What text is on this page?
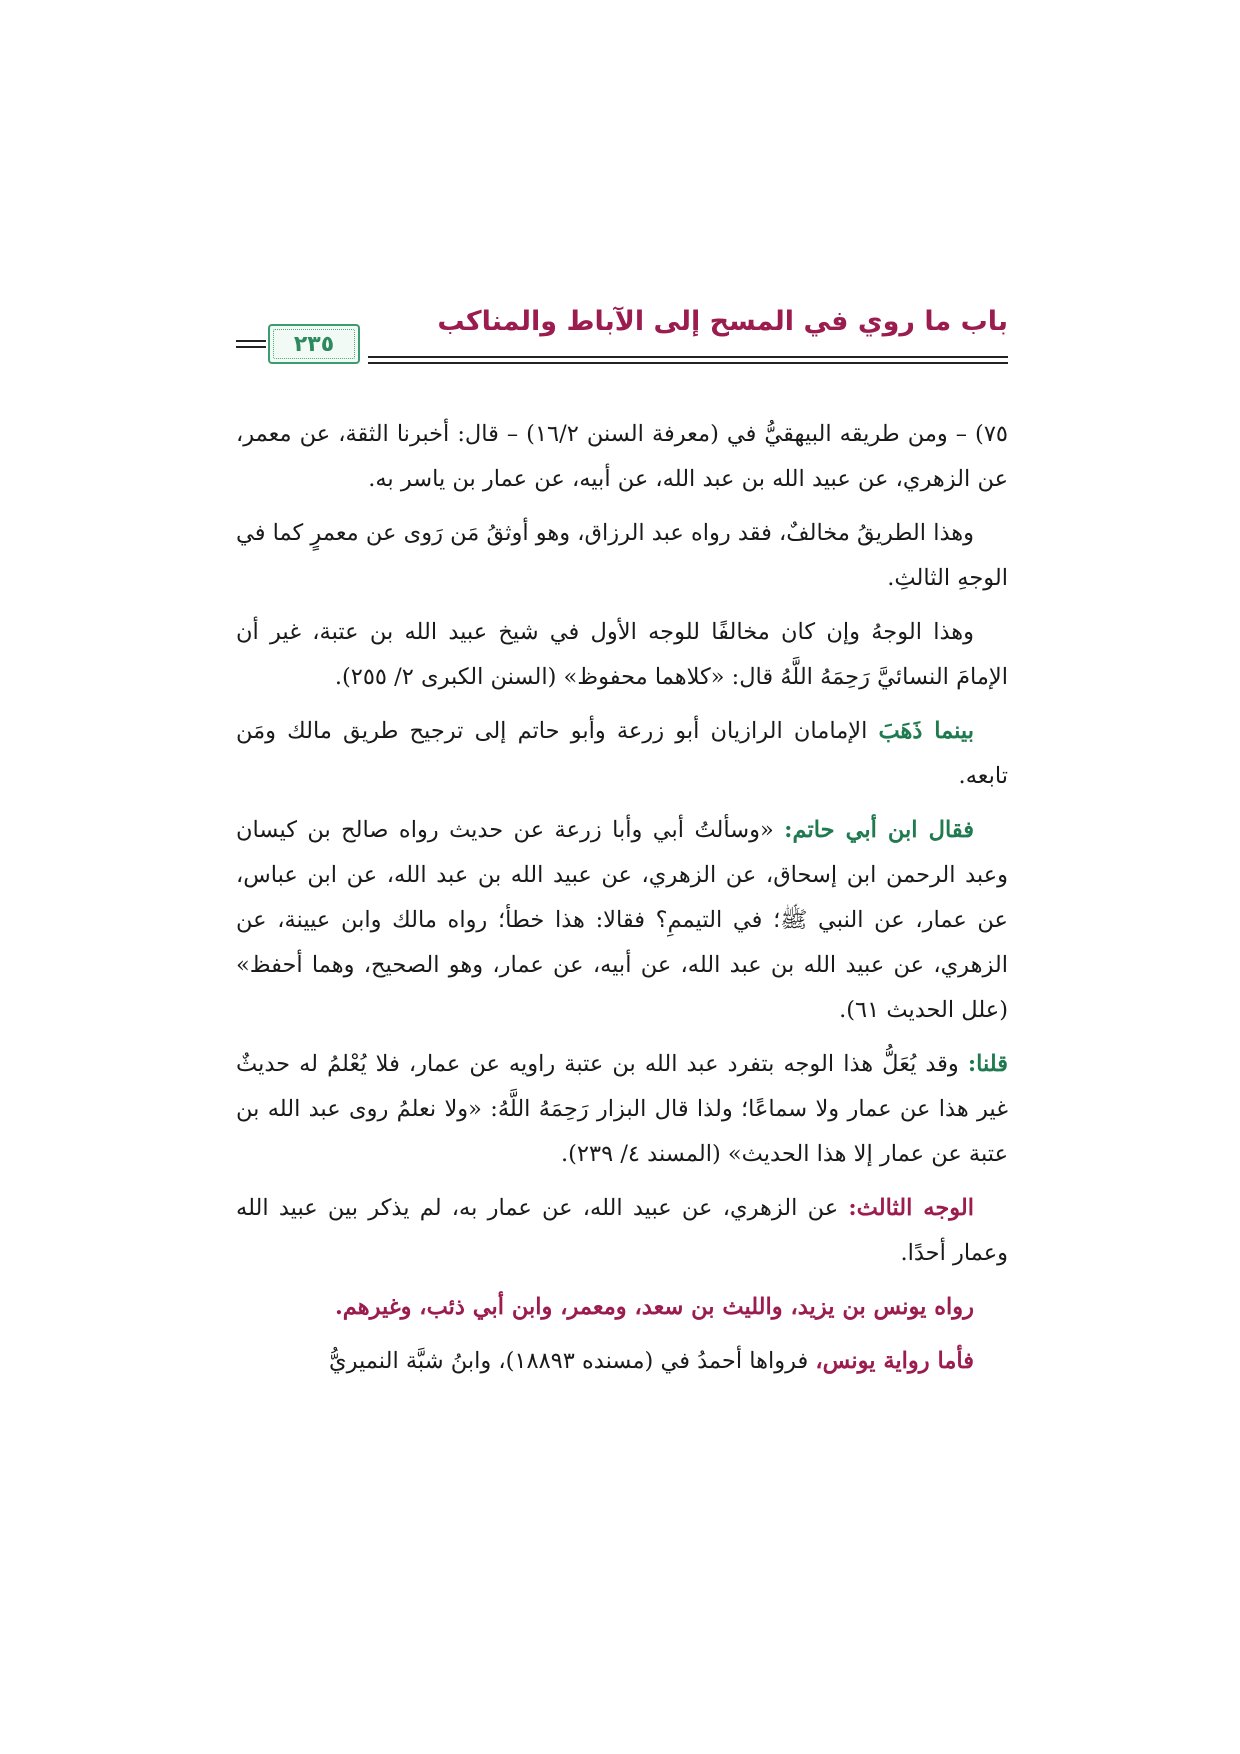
باب ما روي في المسح إلى الآباط والمناكب
٢٣٥

٧٥) – ومن طريقه البيهقيُّ في (معرفة السنن ١٦/٢) – قال: أخبرنا الثقة، عن معمر، عن الزهري، عن عبيد الله بن عبد الله، عن أبيه، عن عمار بن ياسر به.

وهذا الطريقُ مخالفٌ، فقد رواه عبد الرزاق، وهو أوثقُ مَن رَوى عن معمرٍ كما في الوجهِ الثالثِ.

وهذا الوجهُ وإن كان مخالفًا للوجه الأول في شيخ عبيد الله بن عتبة، غير أن الإمامَ النسائيَّ رَحِمَهُ اللَّهُ قال: «كلاهما محفوظ» (السنن الكبرى ٢/ ٢٥٥).

بينما ذَهَبَ الإمامان الرازيان أبو زرعة وأبو حاتم إلى ترجيح طريق مالك ومَن تابعه.

فقال ابن أبي حاتم: «وسألتُ أبي وأبا زرعة عن حديث رواه صالح بن كيسان وعبد الرحمن ابن إسحاق، عن الزهري، عن عبيد الله بن عبد الله، عن ابن عباس، عن عمار، عن النبي ﷺ؛ في التيممِ؟ فقالا: هذا خطأ؛ رواه مالك وابن عيينة، عن الزهري، عن عبيد الله بن عبد الله، عن أبيه، عن عمار، وهو الصحيح، وهما أحفظ» (علل الحديث ٦١).

قلنا: وقد يُعَلُّ هذا الوجه بتفرد عبد الله بن عتبة راويه عن عمار، فلا يُعْلمُ له حديثٌ غير هذا عن عمار ولا سماعًا؛ ولذا قال البزار رَحِمَهُ اللَّهُ: «ولا نعلمُ روى عبد الله بن عتبة عن عمار إلا هذا الحديث» (المسند ٤/ ٢٣٩).

الوجه الثالث: عن الزهري، عن عبيد الله، عن عمار به، لم يذكر بين عبيد الله وعمار أحدًا.

رواه يونس بن يزيد، والليث بن سعد، ومعمر، وابن أبي ذئب، وغيرهم.

فأما رواية يونس، فرواها أحمدُ في (مسنده ١٨٨٩٣)، وابنُ شبَّة النميريُّ
